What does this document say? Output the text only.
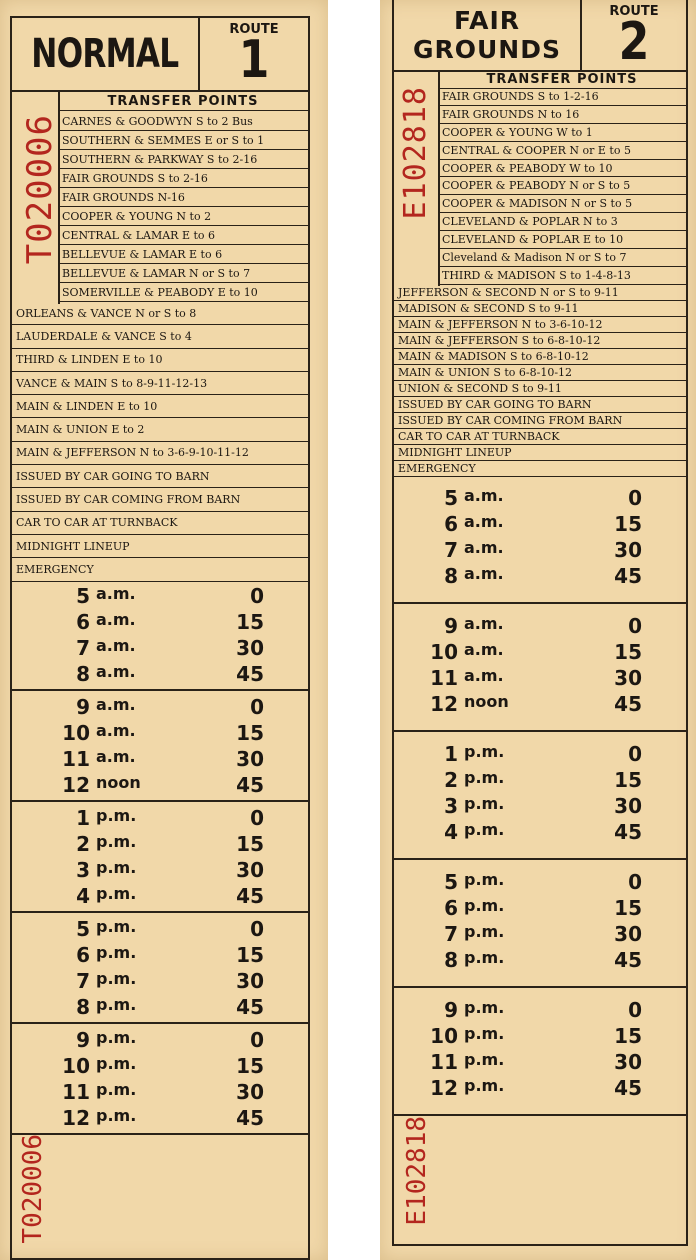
NORMAL
ROUTE
1
T020006
TRANSFER POINTS
CARNES & GOODWYN S to 2 Bus
SOUTHERN & SEMMES E or S to 1
SOUTHERN & PARKWAY S to 2-16
FAIR GROUNDS S to 2-16
FAIR GROUNDS N-16
COOPER & YOUNG N to 2
CENTRAL & LAMAR E to 6
BELLEVUE & LAMAR E to 6
BELLEVUE & LAMAR N or S to 7
SOMERVILLE & PEABODY E to 10
ORLEANS & VANCE N or S to 8
LAUDERDALE & VANCE S to 4
THIRD & LINDEN E to 10
VANCE & MAIN S to 8-9-11-12-13
MAIN & LINDEN E to 10
MAIN & UNION E to 2
MAIN & JEFFERSON N to 3-6-9-10-11-12
ISSUED BY CAR GOING TO BARN
ISSUED BY CAR COMING FROM BARN
CAR TO CAR AT TURNBACK
MIDNIGHT LINEUP
EMERGENCY
5 a.m.	0
6 a.m.	15
7 a.m.	30
8 a.m.	45
9 a.m.	0
10 a.m.	15
11 a.m.	30
12 noon	45
1 p.m.	0
2 p.m.	15
3 p.m.	30
4 p.m.	45
5 p.m.	0
6 p.m.	15
7 p.m.	30
8 p.m.	45
9 p.m.	0
10 p.m.	15
11 p.m.	30
12 p.m.	45
T020006
FAIR GROUNDS
ROUTE
2
E102818
TRANSFER POINTS
FAIR GROUNDS S to 1-2-16
FAIR GROUNDS N to 16
COOPER & YOUNG W to 1
CENTRAL & COOPER N or E to 5
COOPER & PEABODY W to 10
COOPER & PEABODY N or S to 5
COOPER & MADISON N or S to 5
CLEVELAND & POPLAR N to 3
CLEVELAND & POPLAR E to 10
Cleveland & Madison N or S to 7
THIRD & MADISON S to 1-4-8-13
JEFFERSON & SECOND N or S to 9-11
MADISON & SECOND S to 9-11
MAIN & JEFFERSON N to 3-6-10-12
MAIN & JEFFERSON S to 6-8-10-12
MAIN & MADISON S to 6-8-10-12
MAIN & UNION S to 6-8-10-12
UNION & SECOND S to 9-11
ISSUED BY CAR GOING TO BARN
ISSUED BY CAR COMING FROM BARN
CAR TO CAR AT TURNBACK
MIDNIGHT LINEUP
EMERGENCY
5 a.m.	0
6 a.m.	15
7 a.m.	30
8 a.m.	45
9 a.m.	0
10 a.m.	15
11 a.m.	30
12 noon	45
1 p.m.	0
2 p.m.	15
3 p.m.	30
4 p.m.	45
5 p.m.	0
6 p.m.	15
7 p.m.	30
8 p.m.	45
9 p.m.	0
10 p.m.	15
11 p.m.	30
12 p.m.	45
E102818
